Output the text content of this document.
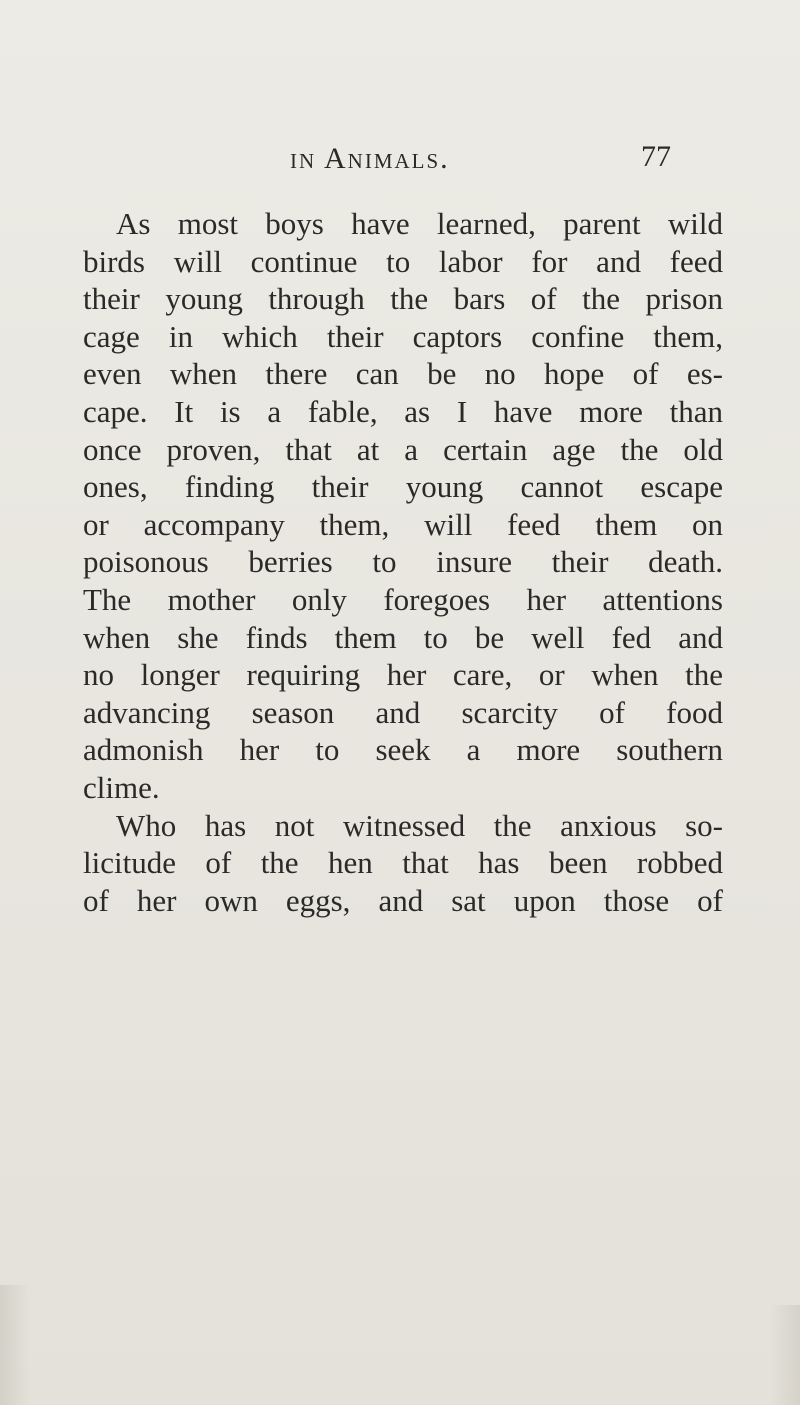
in Animals.	77
As most boys have learned, parent wild
birds will continue to labor for and feed
their young through the bars of the prison
cage in which their captors confine them,
even when there can be no hope of es-
cape. It is a fable, as I have more than
once proven, that at a certain age the old
ones, finding their young cannot escape
or accompany them, will feed them on
poisonous berries to insure their death.
The mother only foregoes her attentions
when she finds them to be well fed and
no longer requiring her care, or when the
advancing season and scarcity of food
admonish her to seek a more southern
clime.
Who has not witnessed the anxious so-
licitude of the hen that has been robbed
of her own eggs, and sat upon those of
